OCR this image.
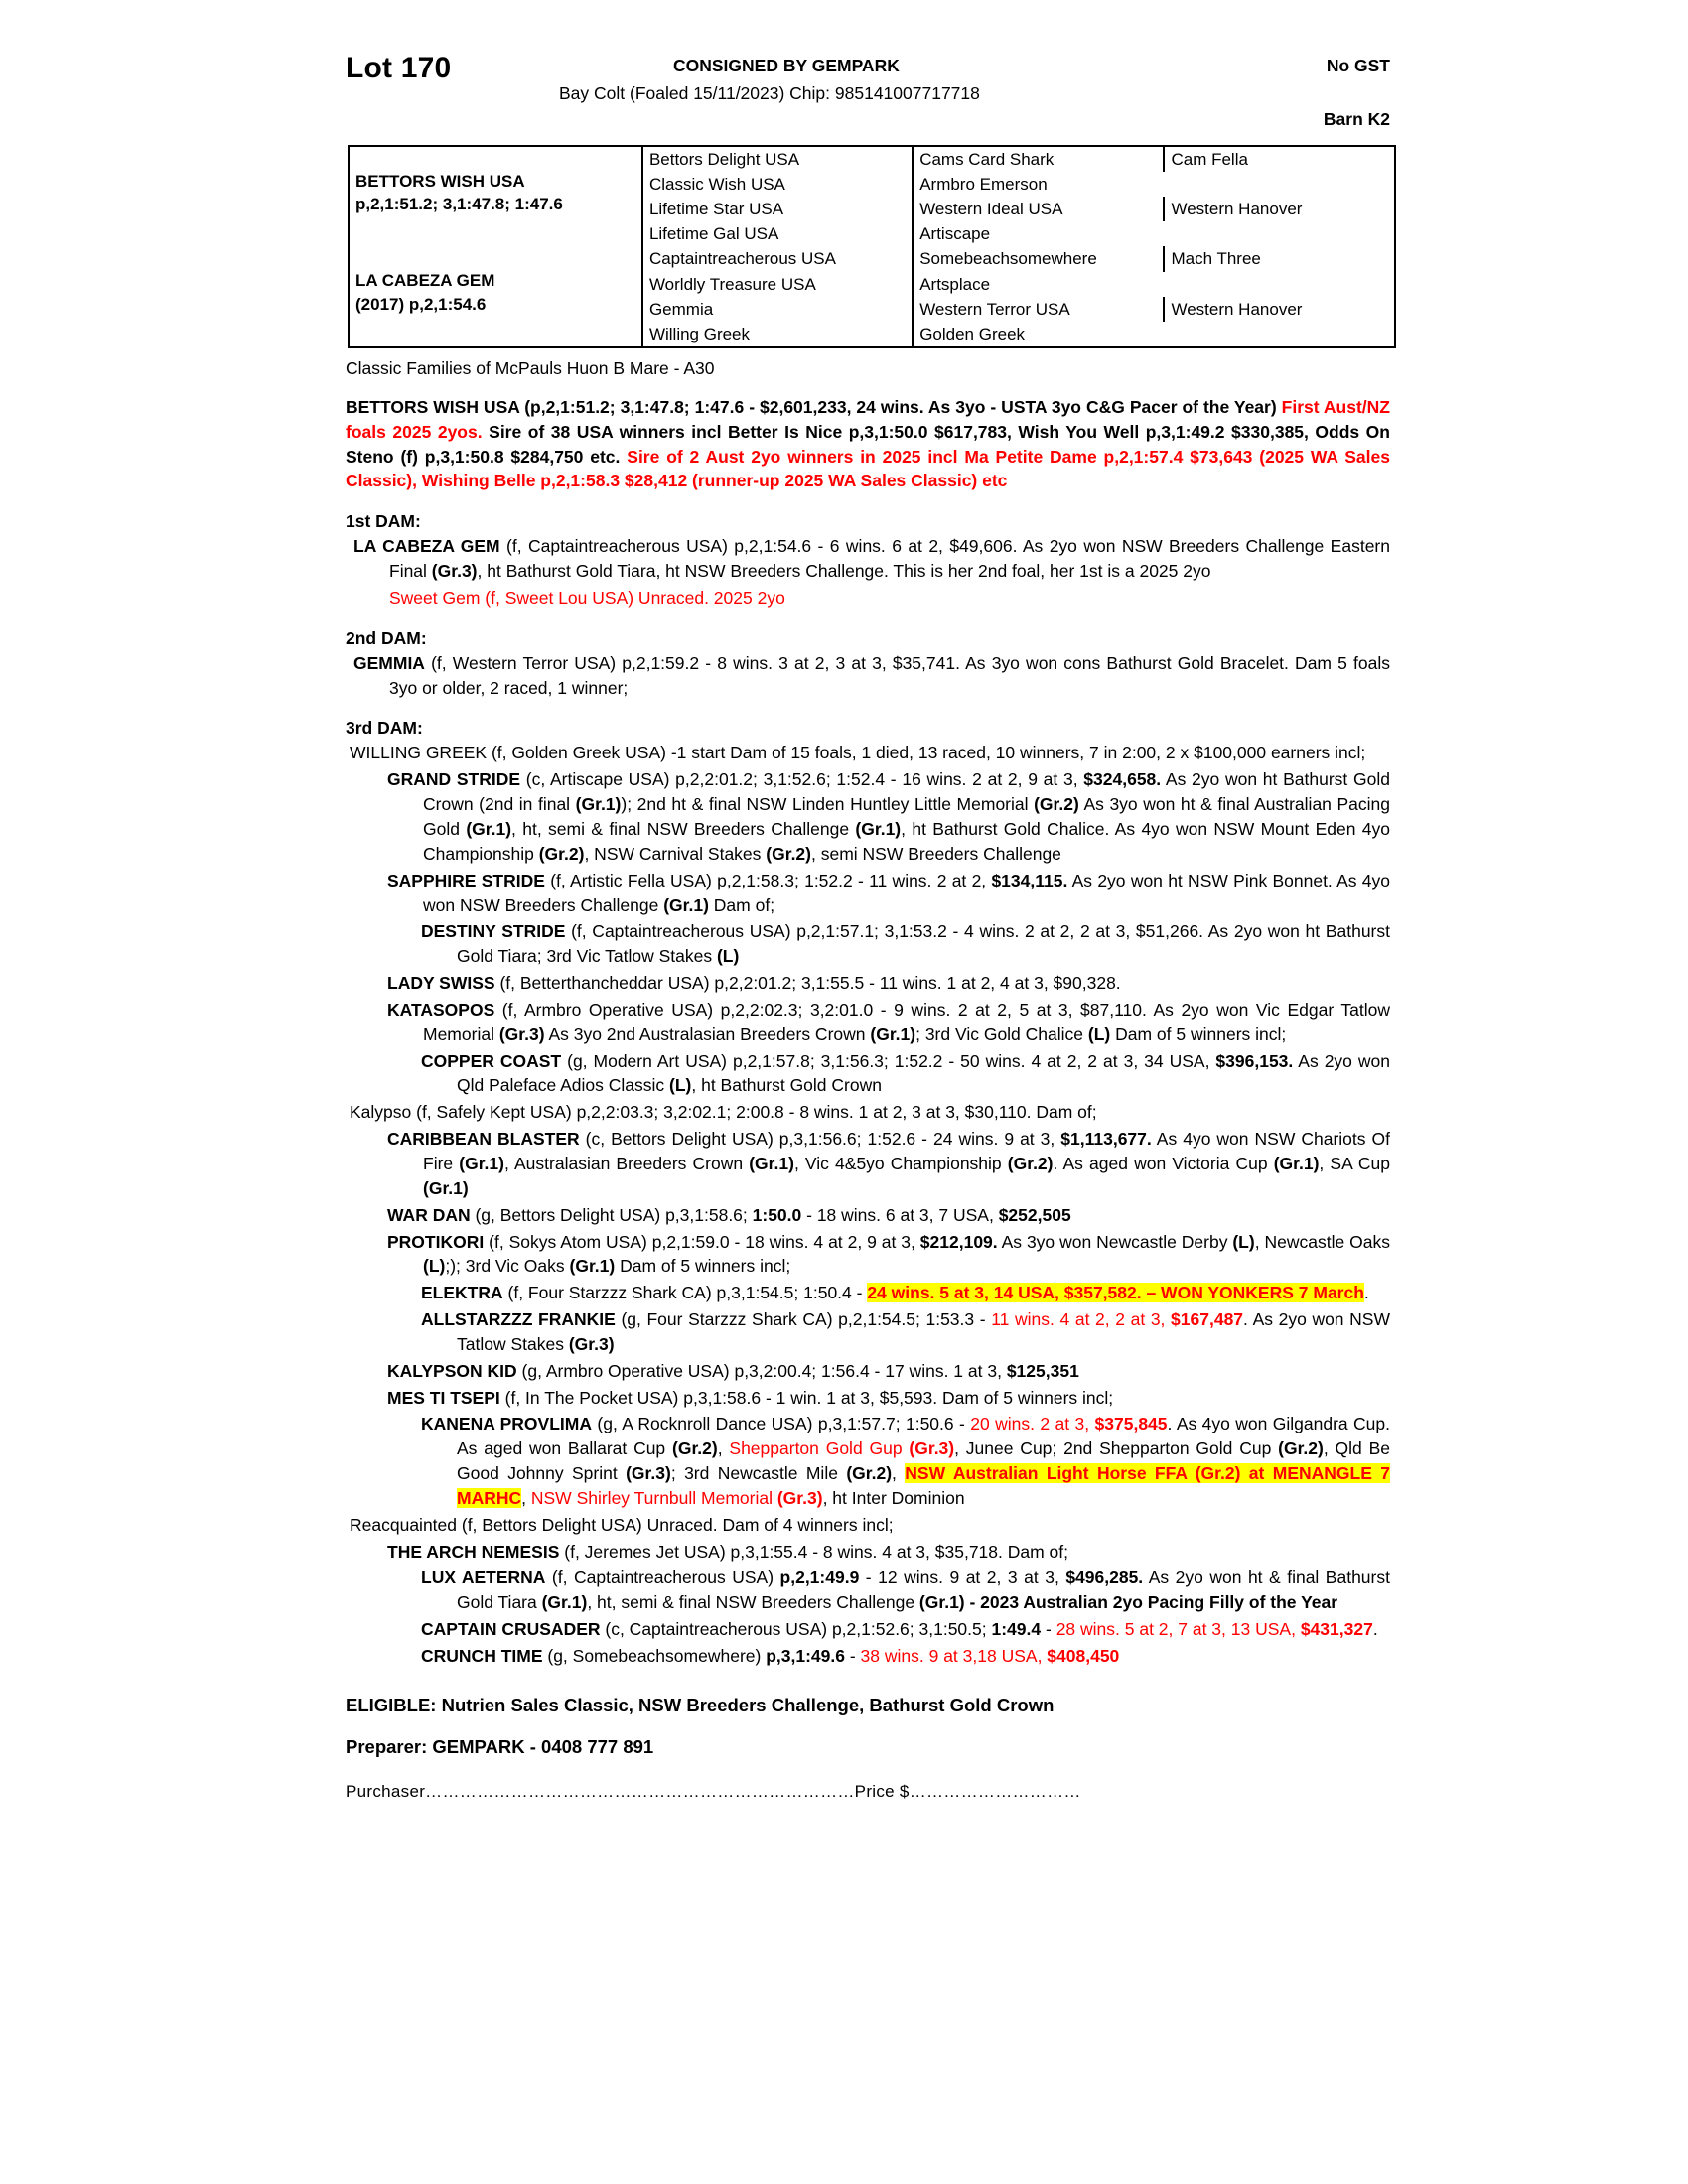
Lot 170	CONSIGNED BY GEMPARK	No GST
Bay Colt (Foaled 15/11/2023) Chip: 985141007717718
Barn K2
BETTORS WISH USA
p,2,1:51.2; 3,1:47.8; 1:47.6	Bettors Delight USA	Cams Card Shark	Cam Fella
	Classic Wish USA	Armbro Emerson	
	Lifetime Star USA	Western Ideal USA	Western Hanover
	Lifetime Gal USA	Artiscape	

LA CABEZA GEM
(2017) p,2,1:54.6	Captaintreacherous USA	Somebeachsomewhere	Mach Three
	Worldly Treasure USA	Artsplace	
	Gemmia	Western Terror USA	Western Hanover
	Willing Greek	Golden Greek	
Classic Families of McPauls Huon B Mare - A30
BETTORS WISH USA (p,2,1:51.2; 3,1:47.8; 1:47.6 - $2,601,233, 24 wins. As 3yo - USTA 3yo C&G Pacer of the Year) First Aust/NZ foals 2025 2yos. Sire of 38 USA winners incl Better Is Nice p,3,1:50.0 $617,783, Wish You Well p,3,1:49.2 $330,385, Odds On Steno (f) p,3,1:50.8 $284,750 etc. Sire of 2 Aust 2yo winners in 2025 incl Ma Petite Dame p,2,1:57.4 $73,643 (2025 WA Sales Classic), Wishing Belle p,2,1:58.3 $28,412 (runner-up 2025 WA Sales Classic) etc
1st DAM:
LA CABEZA GEM (f, Captaintreacherous USA) p,2,1:54.6 - 6 wins. 6 at 2, $49,606. As 2yo won NSW Breeders Challenge Eastern Final (Gr.3), ht Bathurst Gold Tiara, ht NSW Breeders Challenge. This is her 2nd foal, her 1st is a 2025 2yo
Sweet Gem (f, Sweet Lou USA) Unraced. 2025 2yo
2nd DAM:
GEMMIA (f, Western Terror USA) p,2,1:59.2 - 8 wins. 3 at 2, 3 at 3, $35,741. As 3yo won cons Bathurst Gold Bracelet. Dam 5 foals 3yo or older, 2 raced, 1 winner;
3rd DAM:
WILLING GREEK (f, Golden Greek USA) -1 start Dam of 15 foals, 1 died, 13 raced, 10 winners, 7 in 2:00, 2 x $100,000 earners incl;
GRAND STRIDE (c, Artiscape USA) p,2,2:01.2; 3,1:52.6; 1:52.4 - 16 wins. 2 at 2, 9 at 3, $324,658. As 2yo won ht Bathurst Gold Crown (2nd in final (Gr.1)); 2nd ht & final NSW Linden Huntley Little Memorial (Gr.2) As 3yo won ht & final Australian Pacing Gold (Gr.1), ht, semi & final NSW Breeders Challenge (Gr.1), ht Bathurst Gold Chalice. As 4yo won NSW Mount Eden 4yo Championship (Gr.2), NSW Carnival Stakes (Gr.2), semi NSW Breeders Challenge
SAPPHIRE STRIDE (f, Artistic Fella USA) p,2,1:58.3; 1:52.2 - 11 wins. 2 at 2, $134,115. As 2yo won ht NSW Pink Bonnet. As 4yo won NSW Breeders Challenge (Gr.1) Dam of;
DESTINY STRIDE (f, Captaintreacherous USA) p,2,1:57.1; 3,1:53.2 - 4 wins. 2 at 2, 2 at 3, $51,266. As 2yo won ht Bathurst Gold Tiara; 3rd Vic Tatlow Stakes (L)
LADY SWISS (f, Betterthancheddar USA) p,2,2:01.2; 3,1:55.5 - 11 wins. 1 at 2, 4 at 3, $90,328.
KATASOPOS (f, Armbro Operative USA) p,2,2:02.3; 3,2:01.0 - 9 wins. 2 at 2, 5 at 3, $87,110. As 2yo won Vic Edgar Tatlow Memorial (Gr.3) As 3yo 2nd Australasian Breeders Crown (Gr.1); 3rd Vic Gold Chalice (L) Dam of 5 winners incl;
COPPER COAST (g, Modern Art USA) p,2,1:57.8; 3,1:56.3; 1:52.2 - 50 wins. 4 at 2, 2 at 3, 34 USA, $396,153. As 2yo won Qld Paleface Adios Classic (L), ht Bathurst Gold Crown
Kalypso (f, Safely Kept USA) p,2,2:03.3; 3,2:02.1; 2:00.8 - 8 wins. 1 at 2, 3 at 3, $30,110. Dam of;
CARIBBEAN BLASTER (c, Bettors Delight USA) p,3,1:56.6; 1:52.6 - 24 wins. 9 at 3, $1,113,677. As 4yo won NSW Chariots Of Fire (Gr.1), Australasian Breeders Crown (Gr.1), Vic 4&5yo Championship (Gr.2). As aged won Victoria Cup (Gr.1), SA Cup (Gr.1)
WAR DAN (g, Bettors Delight USA) p,3,1:58.6; 1:50.0 - 18 wins. 6 at 3, 7 USA, $252,505
PROTIKORI (f, Sokys Atom USA) p,2,1:59.0 - 18 wins. 4 at 2, 9 at 3, $212,109. As 3yo won Newcastle Derby (L), Newcastle Oaks (L);); 3rd Vic Oaks (Gr.1) Dam of 5 winners incl;
ELEKTRA (f, Four Starzzz Shark CA) p,3,1:54.5; 1:50.4 - 24 wins. 5 at 3, 14 USA, $357,582. – WON YONKERS 7 March.
ALLSTARZZZ FRANKIE (g, Four Starzzz Shark CA) p,2,1:54.5; 1:53.3 - 11 wins. 4 at 2, 2 at 3, $167,487. As 2yo won NSW Tatlow Stakes (Gr.3)
KALYPSON KID (g, Armbro Operative USA) p,3,2:00.4; 1:56.4 - 17 wins. 1 at 3, $125,351
MES TI TSEPI (f, In The Pocket USA) p,3,1:58.6 - 1 win. 1 at 3, $5,593. Dam of 5 winners incl;
KANENA PROVLIMA (g, A Rocknroll Dance USA) p,3,1:57.7; 1:50.6 - 20 wins. 2 at 3, $375,845. As 4yo won Gilgandra Cup. As aged won Ballarat Cup (Gr.2), Shepparton Gold Gup (Gr.3), Junee Cup; 2nd Shepparton Gold Cup (Gr.2), Qld Be Good Johnny Sprint (Gr.3); 3rd Newcastle Mile (Gr.2), NSW Australian Light Horse FFA (Gr.2) at MENANGLE 7 MARHC, NSW Shirley Turnbull Memorial (Gr.3), ht Inter Dominion
Reacquainted (f, Bettors Delight USA) Unraced. Dam of 4 winners incl;
THE ARCH NEMESIS (f, Jeremes Jet USA) p,3,1:55.4 - 8 wins. 4 at 3, $35,718. Dam of;
LUX AETERNA (f, Captaintreacherous USA) p,2,1:49.9 - 12 wins. 9 at 2, 3 at 3, $496,285. As 2yo won ht & final Bathurst Gold Tiara (Gr.1), ht, semi & final NSW Breeders Challenge (Gr.1) - 2023 Australian 2yo Pacing Filly of the Year
CAPTAIN CRUSADER (c, Captaintreacherous USA) p,2,1:52.6; 3,1:50.5; 1:49.4 - 28 wins. 5 at 2, 7 at 3, 13 USA, $431,327.
CRUNCH TIME (g, Somebeachsomewhere) p,3,1:49.6 - 38 wins. 9 at 3,18 USA, $408,450
ELIGIBLE: Nutrien Sales Classic, NSW Breeders Challenge, Bathurst Gold Crown
Preparer: GEMPARK - 0408 777 891
Purchaser…………………………………………………………………Price $…………………………
